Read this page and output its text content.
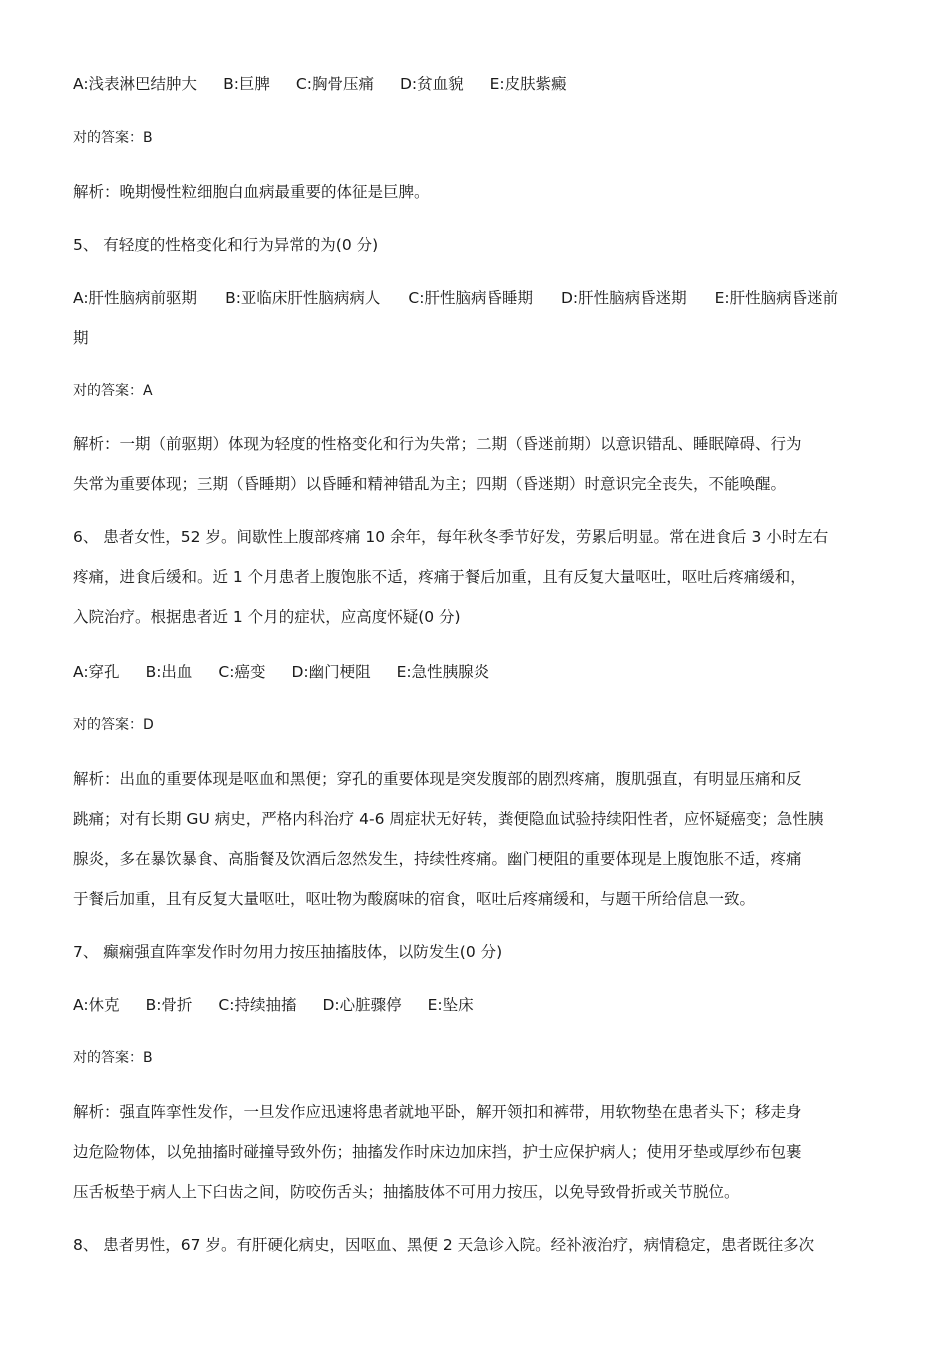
A:浅表淋巴结肿大 B:巨脾 C:胸骨压痛 D:贫血貌 E:皮肤紫癜
对的答案：B
解析：晚期慢性粒细胞白血病最重要的体征是巨脾。
5、 有轻度的性格变化和行为异常的为(0 分)
A:肝性脑病前驱期 B:亚临床肝性脑病病人 C:肝性脑病昏睡期 D:肝性脑病昏迷期 E:肝性脑病昏迷前
期
对的答案：A
解析：一期（前驱期）体现为轻度的性格变化和行为失常；二期（昏迷前期）以意识错乱、睡眠障碍、行为
失常为重要体现；三期（昏睡期）以昏睡和精神错乱为主；四期（昏迷期）时意识完全丧失，不能唤醒。
6、 患者女性，52 岁。间歇性上腹部疼痛 10 余年，每年秋冬季节好发，劳累后明显。常在进食后 3 小时左右
疼痛，进食后缓和。近 1 个月患者上腹饱胀不适，疼痛于餐后加重，且有反复大量呕吐，呕吐后疼痛缓和，
入院治疗。根据患者近 1 个月的症状，应高度怀疑(0 分)
A:穿孔 B:出血 C:癌变 D:幽门梗阻 E:急性胰腺炎
对的答案：D
解析：出血的重要体现是呕血和黑便；穿孔的重要体现是突发腹部的剧烈疼痛，腹肌强直，有明显压痛和反
跳痛；对有长期 GU 病史，严格内科治疗 4-6 周症状无好转，粪便隐血试验持续阳性者，应怀疑癌变；急性胰
腺炎，多在暴饮暴食、高脂餐及饮酒后忽然发生，持续性疼痛。幽门梗阻的重要体现是上腹饱胀不适，疼痛
于餐后加重，且有反复大量呕吐，呕吐物为酸腐味的宿食，呕吐后疼痛缓和，与题干所给信息一致。
7、 癫痫强直阵挛发作时勿用力按压抽搐肢体，以防发生(0 分)
A:休克 B:骨折 C:持续抽搐 D:心脏骤停 E:坠床
对的答案：B
解析：强直阵挛性发作，一旦发作应迅速将患者就地平卧，解开领扣和裤带，用软物垫在患者头下；移走身
边危险物体，以免抽搐时碰撞导致外伤；抽搐发作时床边加床挡，护士应保护病人；使用牙垫或厚纱布包裹
压舌板垫于病人上下臼齿之间，防咬伤舌头；抽搐肢体不可用力按压，以免导致骨折或关节脱位。
8、 患者男性，67 岁。有肝硬化病史，因呕血、黑便 2 天急诊入院。经补液治疗，病情稳定，患者既往多次
